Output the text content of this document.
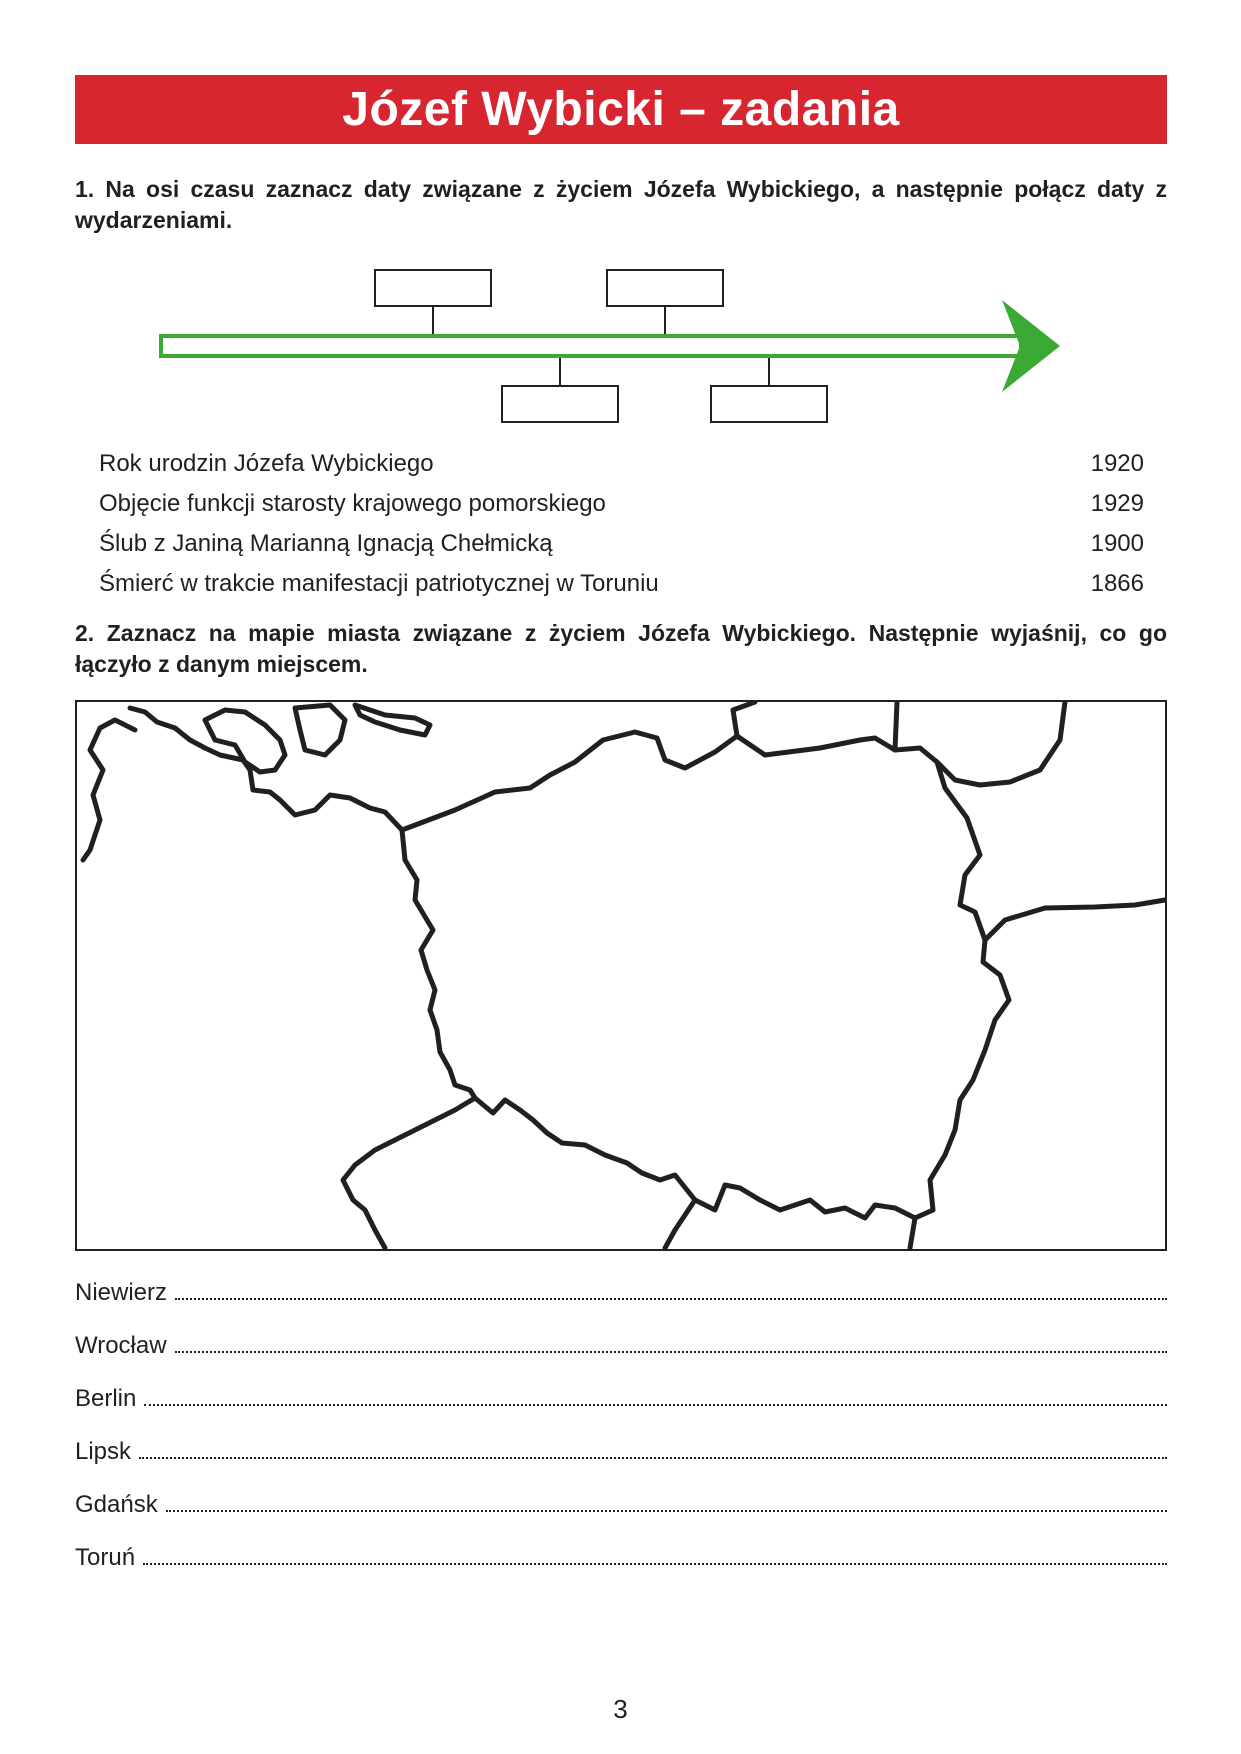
Józef Wybicki – zadania
1. Na osi czasu zaznacz daty związane z życiem Józefa Wybickiego, a następnie połącz daty z wydarzeniami.
Rok urodzin Józefa Wybickiego	1920
Objęcie funkcji starosty krajowego pomorskiego	1929
Ślub z Janiną Marianną Ignacją Chełmicką	1900
Śmierć w trakcie manifestacji patriotycznej w Toruniu	1866
2. Zaznacz na mapie miasta związane z życiem Józefa Wybickiego. Następnie wyjaśnij, co go łączyło z danym miejscem.
Niewierz
Wrocław
Berlin
Lipsk
Gdańsk
Toruń
3
